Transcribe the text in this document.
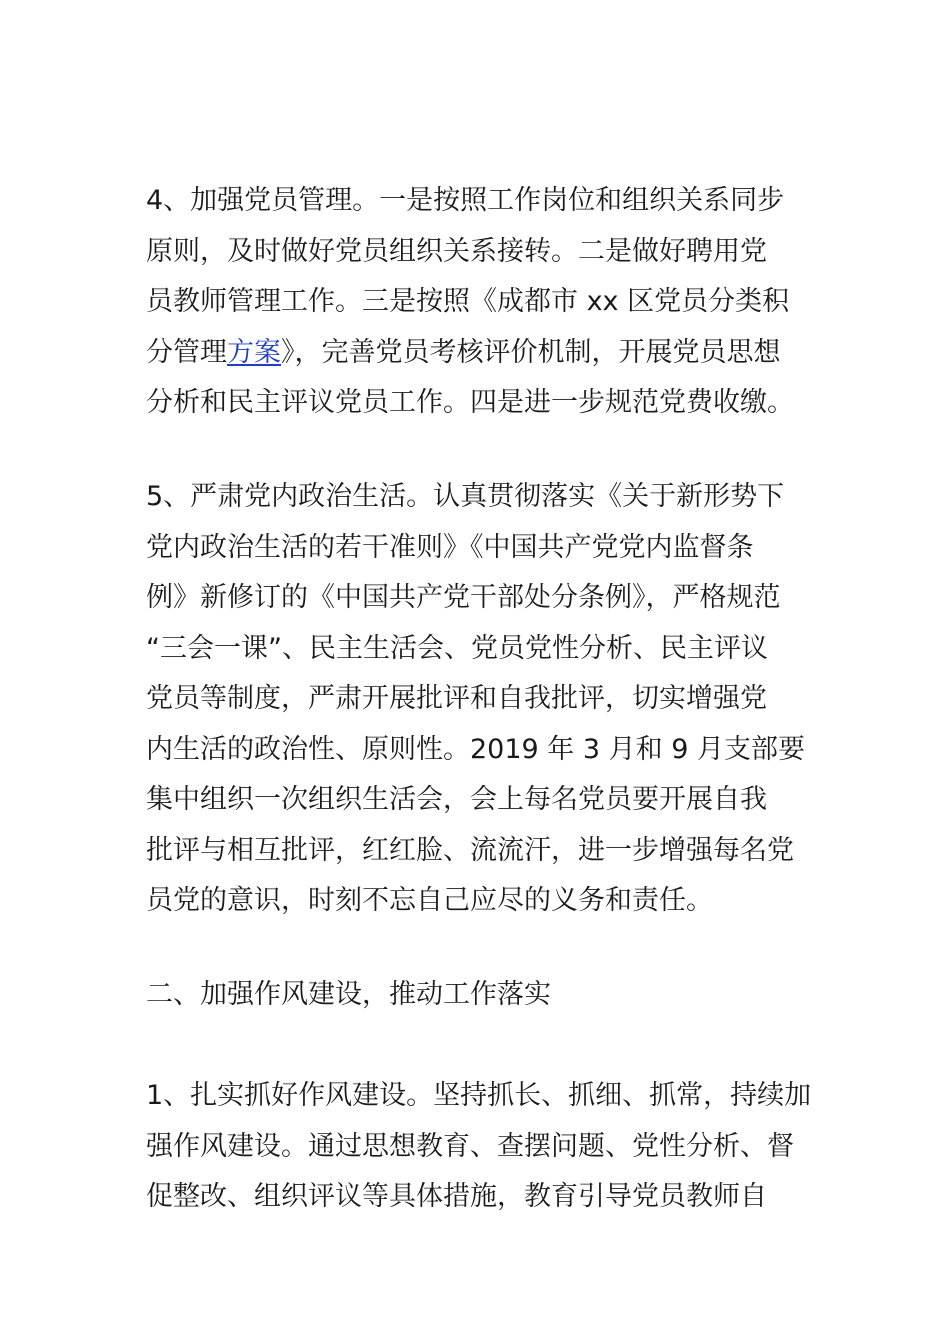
4、加强党员管理。一是按照工作岗位和组织关系同步
原则，及时做好党员组织关系接转。二是做好聘用党
员教师管理工作。三是按照《成都市 xx 区党员分类积
分管理方案》，完善党员考核评价机制，开展党员思想
分析和民主评议党员工作。四是进一步规范党费收缴。
5、严肃党内政治生活。认真贯彻落实《关于新形势下
党内政治生活的若干准则》《中国共产党党内监督条
例》新修订的《中国共产党干部处分条例》，严格规范
“三会一课”、民主生活会、党员党性分析、民主评议
党员等制度，严肃开展批评和自我批评，切实增强党
内生活的政治性、原则性。2019 年 3 月和 9 月支部要
集中组织一次组织生活会，会上每名党员要开展自我
批评与相互批评，红红脸、流流汗，进一步增强每名党
员党的意识，时刻不忘自己应尽的义务和责任。
二、加强作风建设，推动工作落实
1、扎实抓好作风建设。坚持抓长、抓细、抓常，持续加
强作风建设。通过思想教育、查摆问题、党性分析、督
促整改、组织评议等具体措施，教育引导党员教师自
